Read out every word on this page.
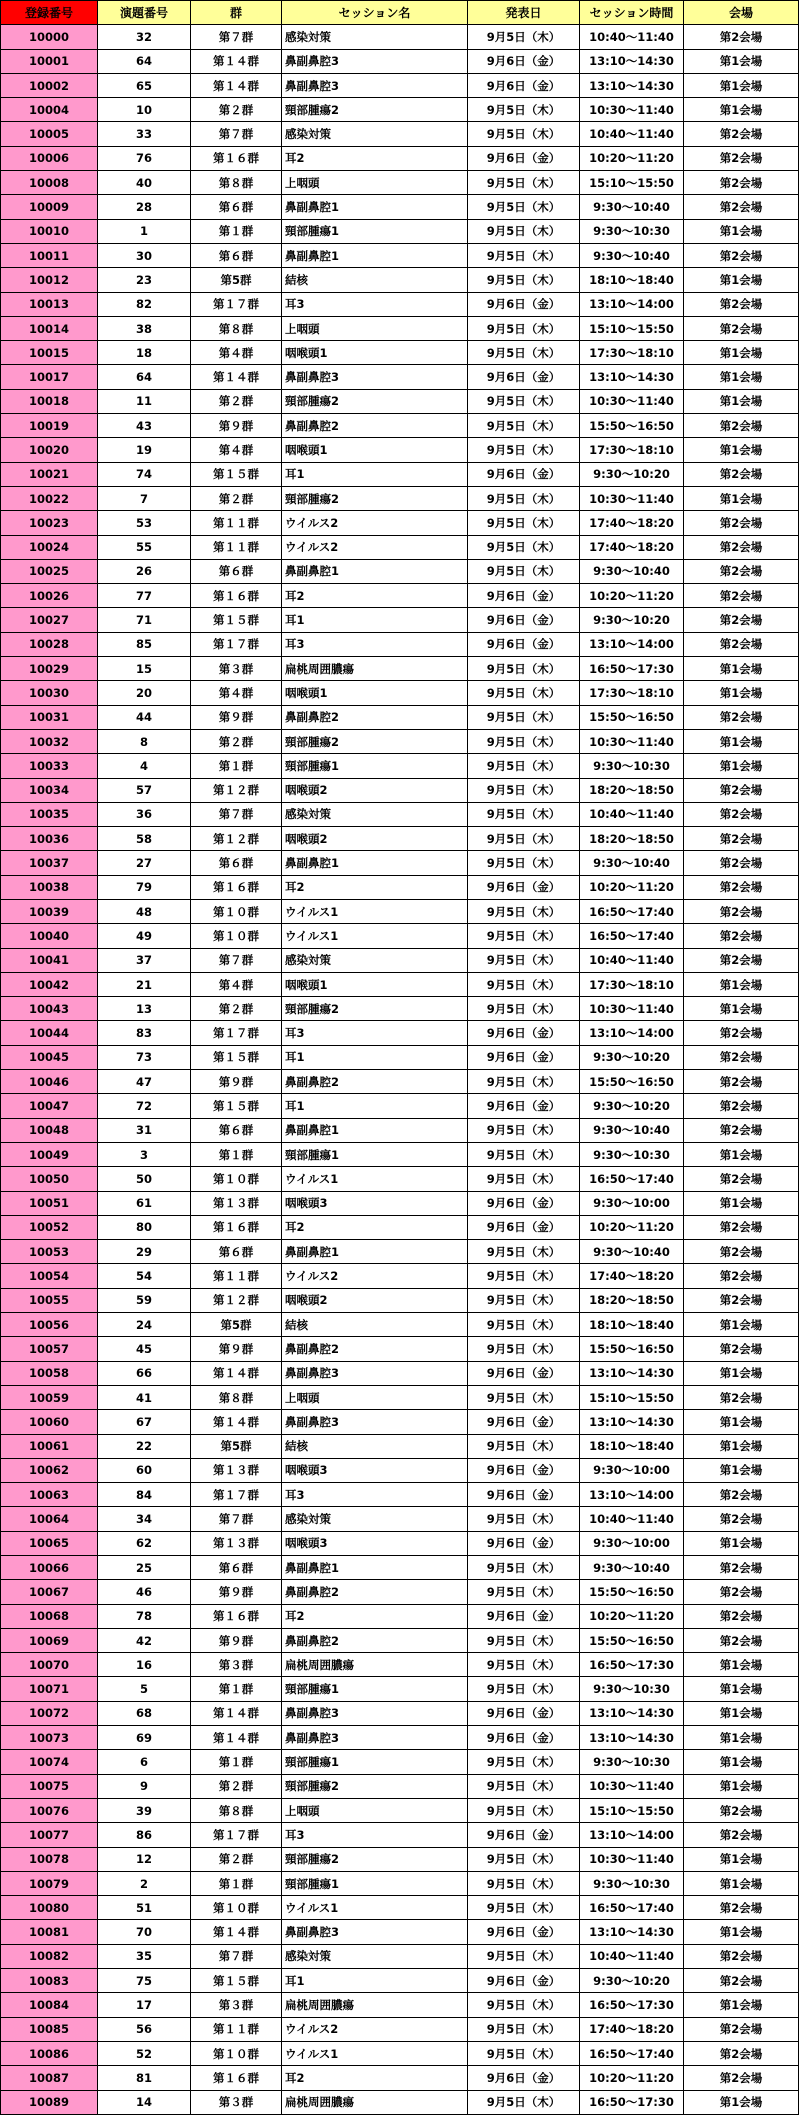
登録番号	演題番号	群	セッション名	発表日	セッション時間	会場
10000	32	第７群	感染対策	9月5日（木）	10:40～11:40	第2会場
10001	64	第１４群	鼻副鼻腔3	9月6日（金）	13:10～14:30	第1会場
10002	65	第１４群	鼻副鼻腔3	9月6日（金）	13:10～14:30	第1会場
10004	10	第２群	頸部腫瘍2	9月5日（木）	10:30～11:40	第1会場
10005	33	第７群	感染対策	9月5日（木）	10:40～11:40	第2会場
10006	76	第１６群	耳2	9月6日（金）	10:20～11:20	第2会場
10008	40	第８群	上咽頭	9月5日（木）	15:10～15:50	第2会場
10009	28	第６群	鼻副鼻腔1	9月5日（木）	9:30～10:40	第2会場
10010	1	第１群	頸部腫瘍1	9月5日（木）	9:30～10:30	第1会場
10011	30	第６群	鼻副鼻腔1	9月5日（木）	9:30～10:40	第2会場
10012	23	第5群	結核	9月5日（木）	18:10～18:40	第1会場
10013	82	第１７群	耳3	9月6日（金）	13:10～14:00	第2会場
10014	38	第８群	上咽頭	9月5日（木）	15:10～15:50	第2会場
10015	18	第４群	咽喉頭1	9月5日（木）	17:30～18:10	第1会場
10017	64	第１４群	鼻副鼻腔3	9月6日（金）	13:10～14:30	第1会場
10018	11	第２群	頸部腫瘍2	9月5日（木）	10:30～11:40	第1会場
10019	43	第９群	鼻副鼻腔2	9月5日（木）	15:50～16:50	第2会場
10020	19	第４群	咽喉頭1	9月5日（木）	17:30～18:10	第1会場
10021	74	第１５群	耳1	9月6日（金）	9:30～10:20	第2会場
10022	7	第２群	頸部腫瘍2	9月5日（木）	10:30～11:40	第1会場
10023	53	第１１群	ウイルス2	9月5日（木）	17:40～18:20	第2会場
10024	55	第１１群	ウイルス2	9月5日（木）	17:40～18:20	第2会場
10025	26	第６群	鼻副鼻腔1	9月5日（木）	9:30～10:40	第2会場
10026	77	第１６群	耳2	9月6日（金）	10:20～11:20	第2会場
10027	71	第１５群	耳1	9月6日（金）	9:30～10:20	第2会場
10028	85	第１７群	耳3	9月6日（金）	13:10～14:00	第2会場
10029	15	第３群	扁桃周囲膿瘍	9月5日（木）	16:50～17:30	第1会場
10030	20	第４群	咽喉頭1	9月5日（木）	17:30～18:10	第1会場
10031	44	第９群	鼻副鼻腔2	9月5日（木）	15:50～16:50	第2会場
10032	8	第２群	頸部腫瘍2	9月5日（木）	10:30～11:40	第1会場
10033	4	第１群	頸部腫瘍1	9月5日（木）	9:30～10:30	第1会場
10034	57	第１２群	咽喉頭2	9月5日（木）	18:20～18:50	第2会場
10035	36	第７群	感染対策	9月5日（木）	10:40～11:40	第2会場
10036	58	第１２群	咽喉頭2	9月5日（木）	18:20～18:50	第2会場
10037	27	第６群	鼻副鼻腔1	9月5日（木）	9:30～10:40	第2会場
10038	79	第１６群	耳2	9月6日（金）	10:20～11:20	第2会場
10039	48	第１０群	ウイルス1	9月5日（木）	16:50～17:40	第2会場
10040	49	第１０群	ウイルス1	9月5日（木）	16:50～17:40	第2会場
10041	37	第７群	感染対策	9月5日（木）	10:40～11:40	第2会場
10042	21	第４群	咽喉頭1	9月5日（木）	17:30～18:10	第1会場
10043	13	第２群	頸部腫瘍2	9月5日（木）	10:30～11:40	第1会場
10044	83	第１７群	耳3	9月6日（金）	13:10～14:00	第2会場
10045	73	第１５群	耳1	9月6日（金）	9:30～10:20	第2会場
10046	47	第９群	鼻副鼻腔2	9月5日（木）	15:50～16:50	第2会場
10047	72	第１５群	耳1	9月6日（金）	9:30～10:20	第2会場
10048	31	第６群	鼻副鼻腔1	9月5日（木）	9:30～10:40	第2会場
10049	3	第１群	頸部腫瘍1	9月5日（木）	9:30～10:30	第1会場
10050	50	第１０群	ウイルス1	9月5日（木）	16:50～17:40	第2会場
10051	61	第１３群	咽喉頭3	9月6日（金）	9:30～10:00	第1会場
10052	80	第１６群	耳2	9月6日（金）	10:20～11:20	第2会場
10053	29	第６群	鼻副鼻腔1	9月5日（木）	9:30～10:40	第2会場
10054	54	第１１群	ウイルス2	9月5日（木）	17:40～18:20	第2会場
10055	59	第１２群	咽喉頭2	9月5日（木）	18:20～18:50	第2会場
10056	24	第5群	結核	9月5日（木）	18:10～18:40	第1会場
10057	45	第９群	鼻副鼻腔2	9月5日（木）	15:50～16:50	第2会場
10058	66	第１４群	鼻副鼻腔3	9月6日（金）	13:10～14:30	第1会場
10059	41	第８群	上咽頭	9月5日（木）	15:10～15:50	第2会場
10060	67	第１４群	鼻副鼻腔3	9月6日（金）	13:10～14:30	第1会場
10061	22	第5群	結核	9月5日（木）	18:10～18:40	第1会場
10062	60	第１３群	咽喉頭3	9月6日（金）	9:30～10:00	第1会場
10063	84	第１７群	耳3	9月6日（金）	13:10～14:00	第2会場
10064	34	第７群	感染対策	9月5日（木）	10:40～11:40	第2会場
10065	62	第１３群	咽喉頭3	9月6日（金）	9:30～10:00	第1会場
10066	25	第６群	鼻副鼻腔1	9月5日（木）	9:30～10:40	第2会場
10067	46	第９群	鼻副鼻腔2	9月5日（木）	15:50～16:50	第2会場
10068	78	第１６群	耳2	9月6日（金）	10:20～11:20	第2会場
10069	42	第９群	鼻副鼻腔2	9月5日（木）	15:50～16:50	第2会場
10070	16	第３群	扁桃周囲膿瘍	9月5日（木）	16:50～17:30	第1会場
10071	5	第１群	頸部腫瘍1	9月5日（木）	9:30～10:30	第1会場
10072	68	第１４群	鼻副鼻腔3	9月6日（金）	13:10～14:30	第1会場
10073	69	第１４群	鼻副鼻腔3	9月6日（金）	13:10～14:30	第1会場
10074	6	第１群	頸部腫瘍1	9月5日（木）	9:30～10:30	第1会場
10075	9	第２群	頸部腫瘍2	9月5日（木）	10:30～11:40	第1会場
10076	39	第８群	上咽頭	9月5日（木）	15:10～15:50	第2会場
10077	86	第１７群	耳3	9月6日（金）	13:10～14:00	第2会場
10078	12	第２群	頸部腫瘍2	9月5日（木）	10:30～11:40	第1会場
10079	2	第１群	頸部腫瘍1	9月5日（木）	9:30～10:30	第1会場
10080	51	第１０群	ウイルス1	9月5日（木）	16:50～17:40	第2会場
10081	70	第１４群	鼻副鼻腔3	9月6日（金）	13:10～14:30	第1会場
10082	35	第７群	感染対策	9月5日（木）	10:40～11:40	第2会場
10083	75	第１５群	耳1	9月6日（金）	9:30～10:20	第2会場
10084	17	第３群	扁桃周囲膿瘍	9月5日（木）	16:50～17:30	第1会場
10085	56	第１１群	ウイルス2	9月5日（木）	17:40～18:20	第2会場
10086	52	第１０群	ウイルス1	9月5日（木）	16:50～17:40	第2会場
10087	81	第１６群	耳2	9月6日（金）	10:20～11:20	第2会場
10089	14	第３群	扁桃周囲膿瘍	9月5日（木）	16:50～17:30	第1会場
